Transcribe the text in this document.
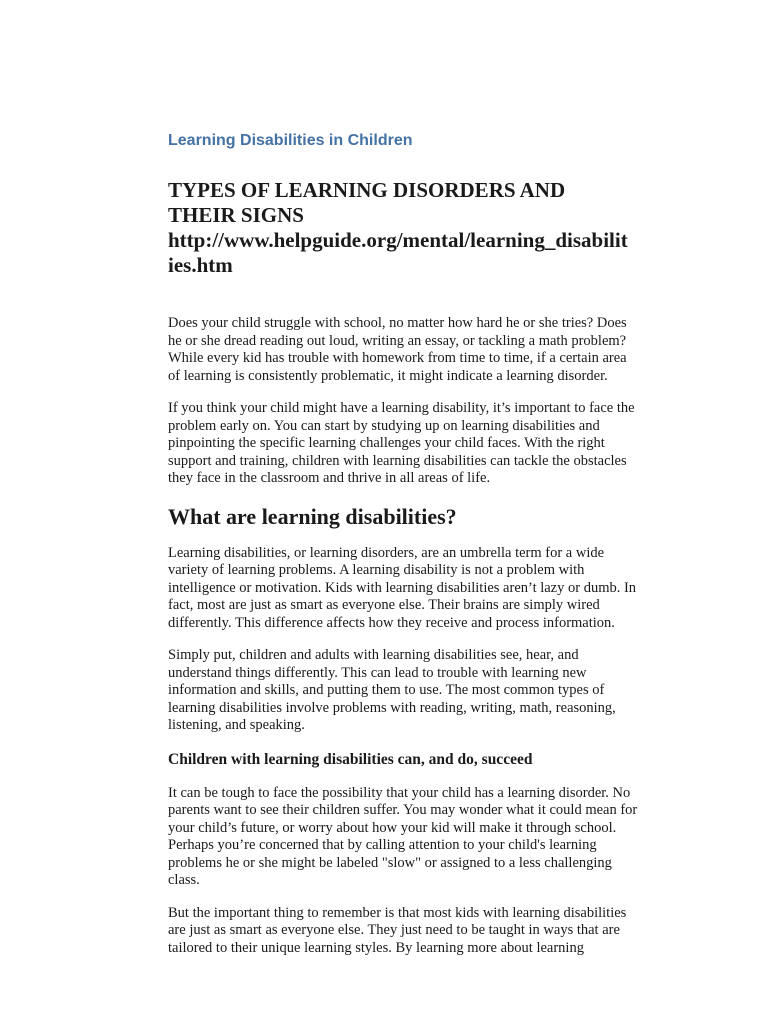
Learning Disabilities in Children
TYPES OF LEARNING DISORDERS AND
THEIR SIGNS
http://www.helpguide.org/mental/learning_disabilit
ies.htm

Does your child struggle with school, no matter how hard he or she tries? Does he or she dread reading out loud, writing an essay, or tackling a math problem? While every kid has trouble with homework from time to time, if a certain area of learning is consistently problematic, it might indicate a learning disorder.

If you think your child might have a learning disability, it’s important to face the problem early on. You can start by studying up on learning disabilities and pinpointing the specific learning challenges your child faces. With the right support and training, children with learning disabilities can tackle the obstacles they face in the classroom and thrive in all areas of life.

What are learning disabilities?

Learning disabilities, or learning disorders, are an umbrella term for a wide variety of learning problems. A learning disability is not a problem with intelligence or motivation. Kids with learning disabilities aren’t lazy or dumb. In fact, most are just as smart as everyone else. Their brains are simply wired differently. This difference affects how they receive and process information.

Simply put, children and adults with learning disabilities see, hear, and understand things differently. This can lead to trouble with learning new information and skills, and putting them to use. The most common types of learning disabilities involve problems with reading, writing, math, reasoning, listening, and speaking.

Children with learning disabilities can, and do, succeed

It can be tough to face the possibility that your child has a learning disorder. No parents want to see their children suffer. You may wonder what it could mean for your child’s future, or worry about how your kid will make it through school. Perhaps you’re concerned that by calling attention to your child's learning problems he or she might be labeled "slow" or assigned to a less challenging class.

But the important thing to remember is that most kids with learning disabilities are just as smart as everyone else. They just need to be taught in ways that are tailored to their unique learning styles. By learning more about learning
